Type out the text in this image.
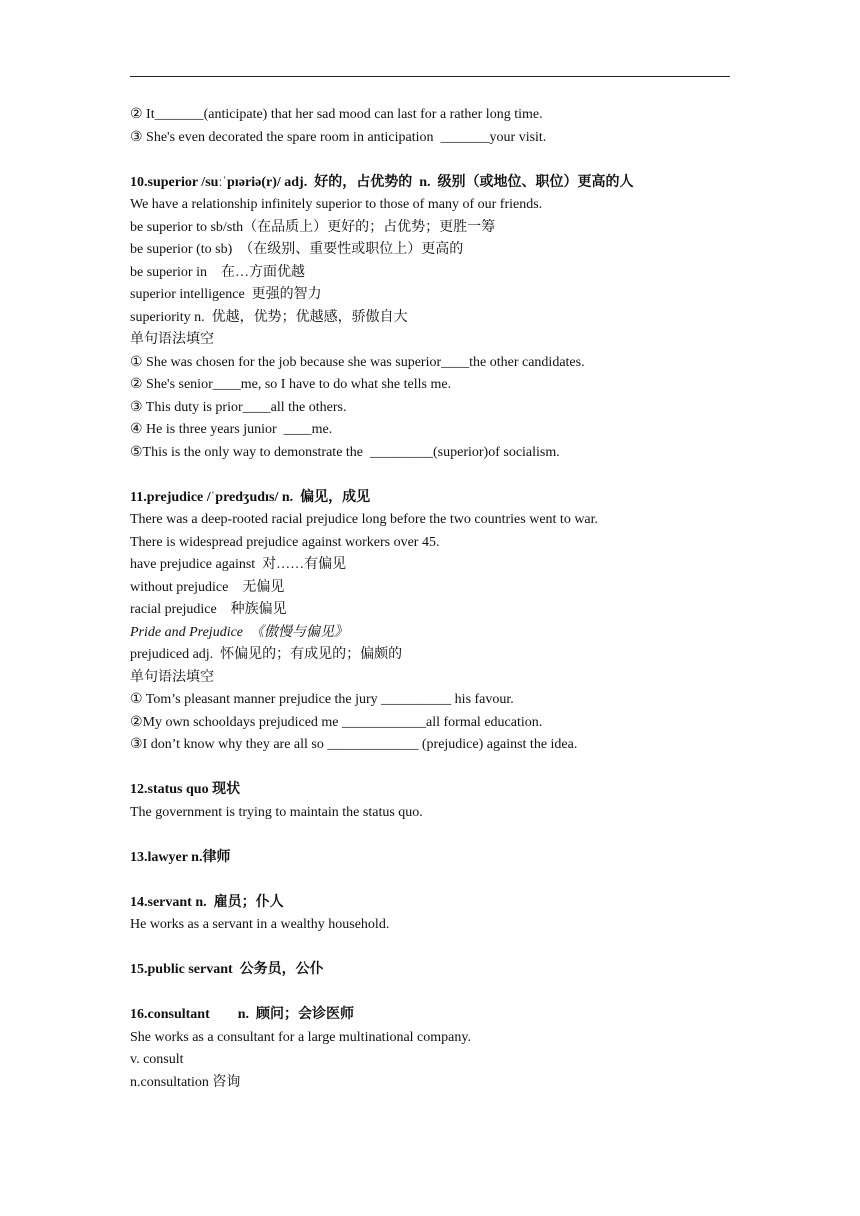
② It_______(anticipate) that her sad mood can last for a rather long time.
③ She's even decorated the spare room in anticipation  _______your visit.
10.superior /suːˈpɪəriə(r)/ adj.  好的，占优势的  n.  级别（或地位、职位）更高的人
We have a relationship infinitely superior to those of many of our friends.
be superior to sb/sth（在品质上）更好的；占优势；更胜一筹
be superior (to sb)  （在级别、重要性或职位上）更高的
be superior in    在…方面优越
superior intelligence  更强的智力
superiority n.  优越，优势；优越感，骄傲自大
单句语法填空
① She was chosen for the job because she was superior____the other candidates.
② She's senior____me, so I have to do what she tells me.
③ This duty is prior____all the others.
④ He is three years junior  ____me.
⑤This is the only way to demonstrate the  _________(superior)of socialism.
11.prejudice /ˈpredʒudɪs/ n.  偏见，成见
There was a deep-rooted racial prejudice long before the two countries went to war.
There is widespread prejudice against workers over 45.
have prejudice against  对……有偏见
without prejudice    无偏见
racial prejudice    种族偏见
Pride and Prejudice  《傲慢与偏见》
prejudiced adj.  怀偏见的；有成见的；偏颇的
单句语法填空
① Tom’s pleasant manner prejudice the jury __________ his favour.
②My own schooldays prejudiced me ____________all formal education.
③I don’t know why they are all so _____________ (prejudice) against the idea.
12.status quo 现状
The government is trying to maintain the status quo.
13.lawyer n.律师
14.servant n.  雇员；仆人
He works as a servant in a wealthy household.
15.public servant  公务员，公仆
16.consultant        n.  顾问；会诊医师
She works as a consultant for a large multinational company.
v. consult
n.consultation 咨询
